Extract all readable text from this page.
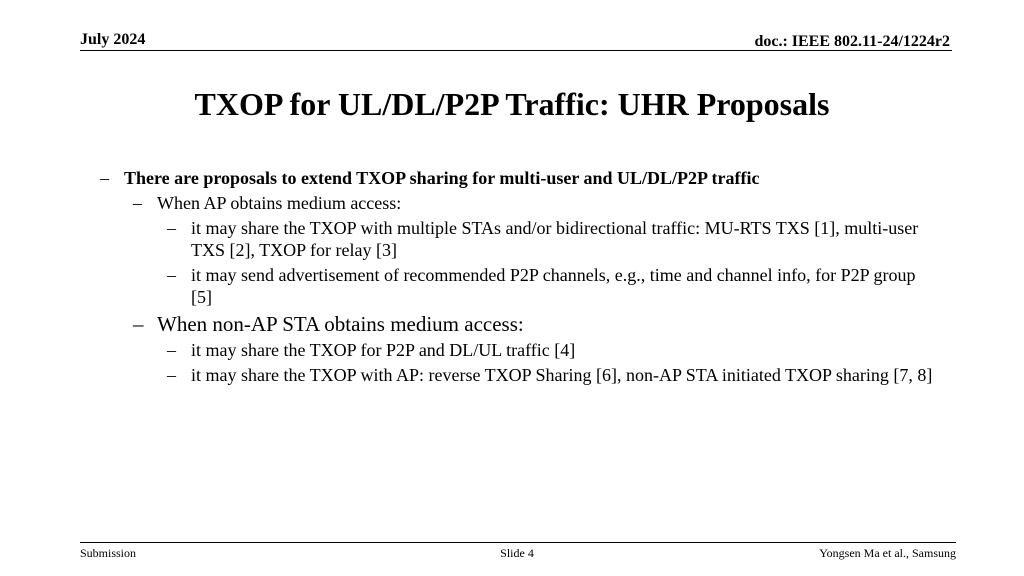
July 2024	doc.: IEEE 802.11-24/1224r2
TXOP for UL/DL/P2P Traffic: UHR Proposals
– There are proposals to extend TXOP sharing for multi-user and UL/DL/P2P traffic
– When AP obtains medium access:
– it may share the TXOP with multiple STAs and/or bidirectional traffic: MU-RTS TXS [1], multi-user TXS [2], TXOP for relay [3]
– it may send advertisement of recommended P2P channels, e.g., time and channel info, for P2P group [5]
– When non-AP STA obtains medium access:
– it may share the TXOP for P2P and DL/UL traffic [4]
– it may share the TXOP with AP: reverse TXOP Sharing [6], non-AP STA initiated TXOP sharing [7, 8]
Submission	Slide 4	Yongsen Ma et al., Samsung
